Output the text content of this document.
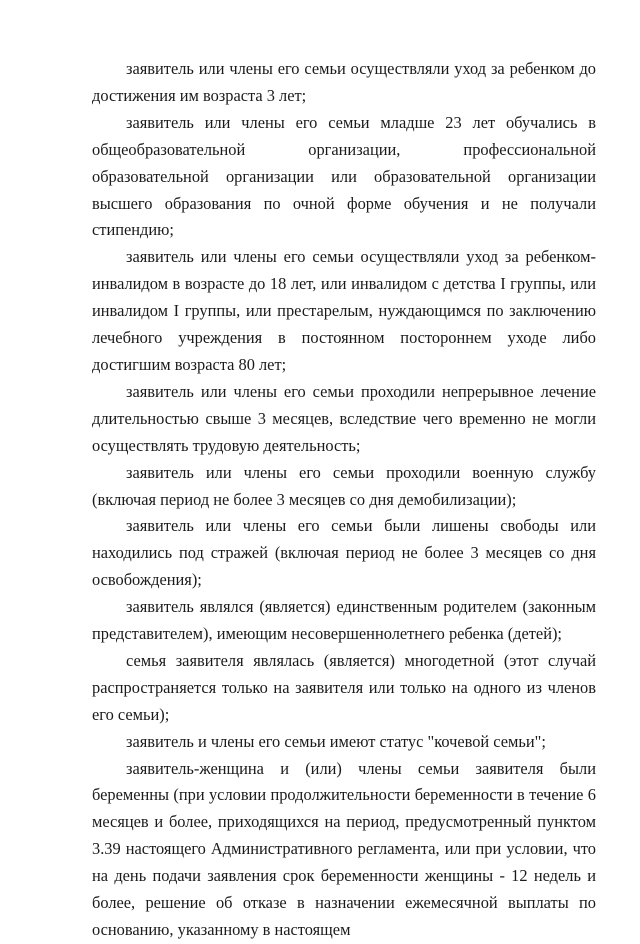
заявитель или члены его семьи осуществляли уход за ребенком до достижения им возраста 3 лет;

заявитель или члены его семьи младше 23 лет обучались в общеобразовательной организации, профессиональной образовательной организации или образовательной организации высшего образования по очной форме обучения и не получали стипендию;

заявитель или члены его семьи осуществляли уход за ребенком-инвалидом в возрасте до 18 лет, или инвалидом с детства I группы, или инвалидом I группы, или престарелым, нуждающимся по заключению лечебного учреждения в постоянном постороннем уходе либо достигшим возраста 80 лет;

заявитель или члены его семьи проходили непрерывное лечение длительностью свыше 3 месяцев, вследствие чего временно не могли осуществлять трудовую деятельность;

заявитель или члены его семьи проходили военную службу (включая период не более 3 месяцев со дня демобилизации);

заявитель или члены его семьи были лишены свободы или находились под стражей (включая период не более 3 месяцев со дня освобождения);

заявитель являлся (является) единственным родителем (законным представителем), имеющим несовершеннолетнего ребенка (детей);

семья заявителя являлась (является) многодетной (этот случай распространяется только на заявителя или только на одного из членов его семьи);

заявитель и члены его семьи имеют статус "кочевой семьи";

заявитель-женщина и (или) члены семьи заявителя были беременны (при условии продолжительности беременности в течение 6 месяцев и более, приходящихся на период, предусмотренный пунктом 3.39 настоящего Административного регламента, или при условии, что на день подачи заявления срок беременности женщины - 12 недель и более, решение об отказе в назначении ежемесячной выплаты по основанию, указанному в настоящем
